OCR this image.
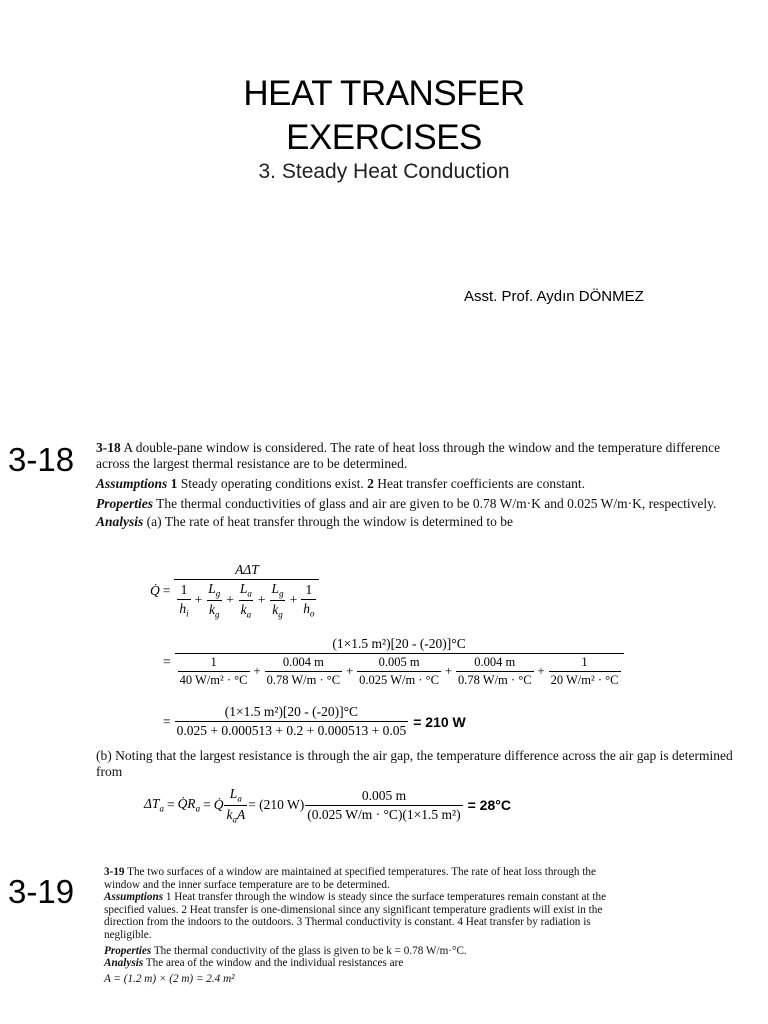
HEAT TRANSFER
EXERCISES
3. Steady Heat Conduction
Asst. Prof. Aydın DÖNMEZ
3-18 3-18 A double-pane window is considered. The rate of heat loss through the window and the temperature difference across the largest thermal resistance are to be determined.

Assumptions 1 Steady operating conditions exist. 2 Heat transfer coefficients are constant.

Properties The thermal conductivities of glass and air are given to be 0.78 W/m·K and 0.025 W/m·K, respectively.

Analysis (a) The rate of heat transfer through the window is determined to be

Q̇ =
AΔT
$\frac{1}{h_i} + \frac{L_g}{k_g} + \frac{L_a}{k_a} + \frac{L_g}{k_g} + \frac{1}{h_o}$
=
(1×1.5 m²)[20 - (-20)]°C
$\frac{1}{\text{40 W/m² · °C}} + \frac{0.004 m}{0.78 W/m \cdot ^\circ C} + \frac{0.005 m}{0.025 W/m \cdot ^\circ C} + \frac{0.004 m}{0.78 W/m \cdot ^\circ C} + \frac{1}{\text{20 W/m² · °C}}$
= $\frac{\text{(1×1.5 m²)[20 - (-20)]°C}}{0.025 + 0.000513 + 0.2 + 0.000513 + 0.05} = 210$ W
(b) Noting that the largest resistance is through the air gap, the temperature difference across the air gap is determined from
$\Delta T_a$ = $Q̇R_a$ = Q̇ $\frac{L_a}{k_aA} = (210$ $W) \frac{0.005 m}{\text{(0.025 W/m · °C)(1×1.5 m²)}} = 28^\circ C$
3-19

3-19 The two surfaces of a window are maintained at specified temperatures. The rate of heat loss through the window and the inner surface temperature are to be determined.

Assumptions 1 Heat transfer through the window is steady since the surface temperatures remain constant at the specified values. 2 Heat transfer is one-dimensional since any significant temperature gradients will exist in the direction from the indoors to the outdoors. 3 Thermal conductivity is constant. 4 Heat transfer by radiation is negligible.

Properties The thermal conductivity of the glass is given to be k = 0.78 W/m·°C.

Analysis The area of the window and the individual resistances are

A = (1.2 m) × (2 m) = 2.4 m²
